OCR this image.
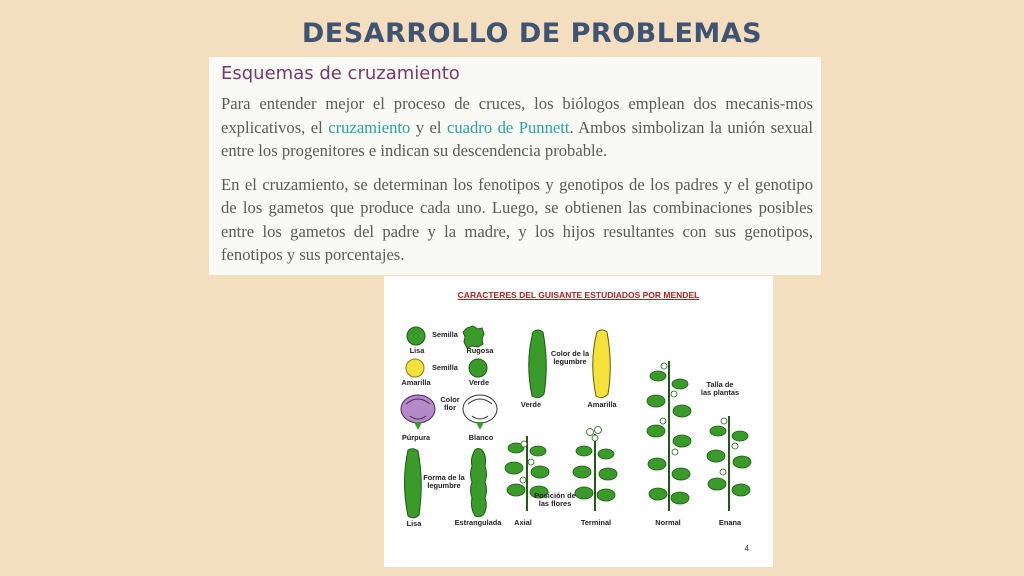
DESARROLLO DE PROBLEMAS
Esquemas de cruzamiento

Para entender mejor el proceso de cruces, los biólogos emplean dos mecanis-mos explicativos, el cruzamiento y el cuadro de Punnett. Ambos simbolizan la unión sexual entre los progenitores e indican su descendencia probable.

En el cruzamiento, se determinan los fenotipos y genotipos de los padres y el genotipo de los gametos que produce cada uno. Luego, se obtienen las combinaciones posibles entre los gametos del padre y la madre, y los hijos resultantes con sus genotipos, fenotipos y sus porcentajes.

CARACTERES DEL GUISANTE ESTUDIADOS POR MENDEL
Semilla
Lisa	Rugosa
Semilla
Amarilla	Verde
Color
flor
Púrpura	Blanco
Color de la
legumbre
Verde	Amarilla
Talla de
las plantas
Forma de la
legumbre
Lisa	Estrangulada	Axial
Posición de
las flores
Terminal	Normal	Enana
4
